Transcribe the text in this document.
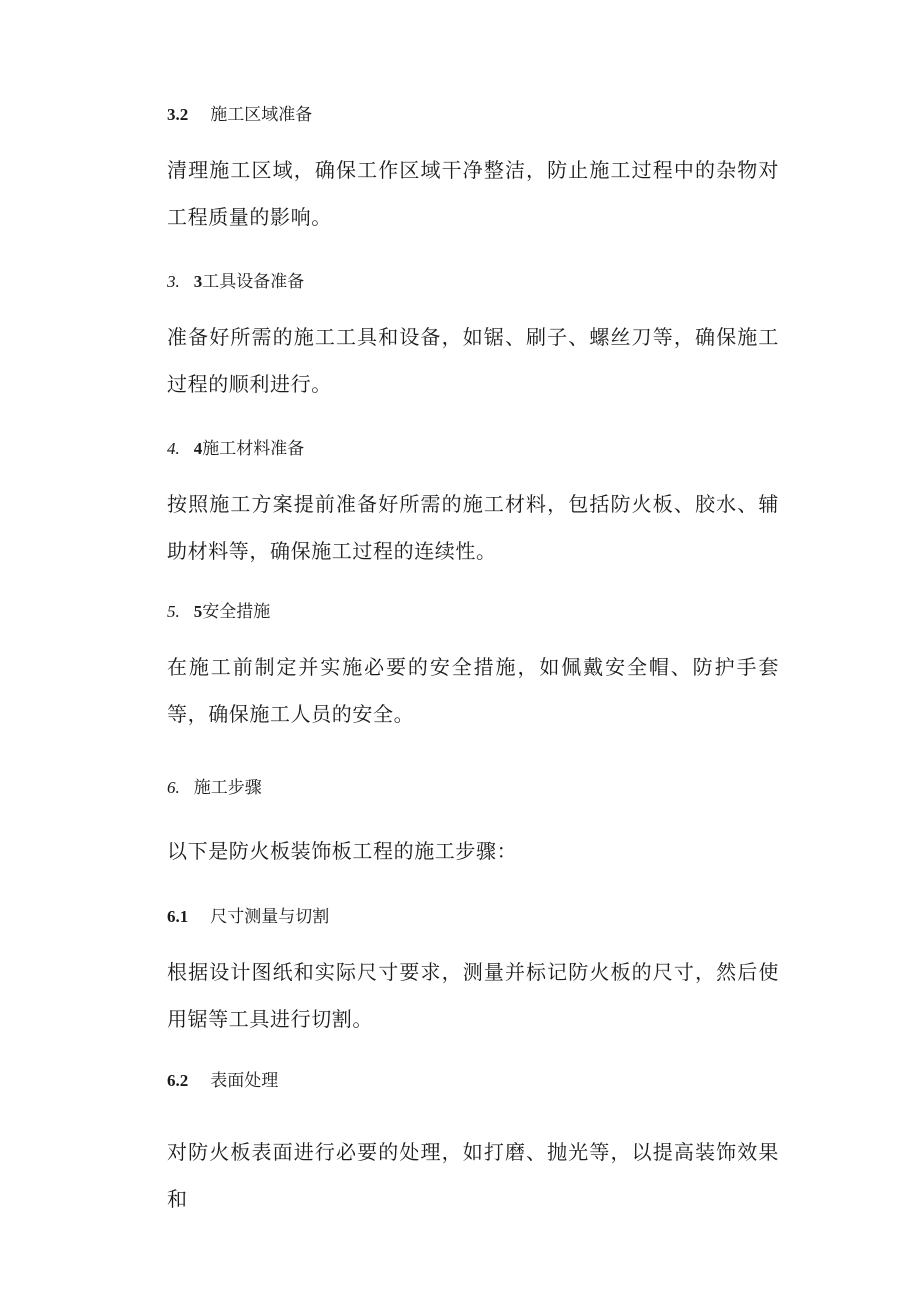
3.2 施工区域准备
清理施工区域，确保工作区域干净整洁，防止施工过程中的杂物对工程质量的影响。
3. 3工具设备准备
准备好所需的施工工具和设备，如锯、刷子、螺丝刀等，确保施工过程的顺利进行。
4. 4施工材料准备
按照施工方案提前准备好所需的施工材料，包括防火板、胶水、辅助材料等，确保施工过程的连续性。
5. 5安全措施
在施工前制定并实施必要的安全措施，如佩戴安全帽、防护手套等，确保施工人员的安全。
6. 施工步骤
以下是防火板装饰板工程的施工步骤：
6.1 尺寸测量与切割
根据设计图纸和实际尺寸要求，测量并标记防火板的尺寸，然后使用锯等工具进行切割。
6.2 表面处理
对防火板表面进行必要的处理，如打磨、抛光等，以提高装饰效果和
